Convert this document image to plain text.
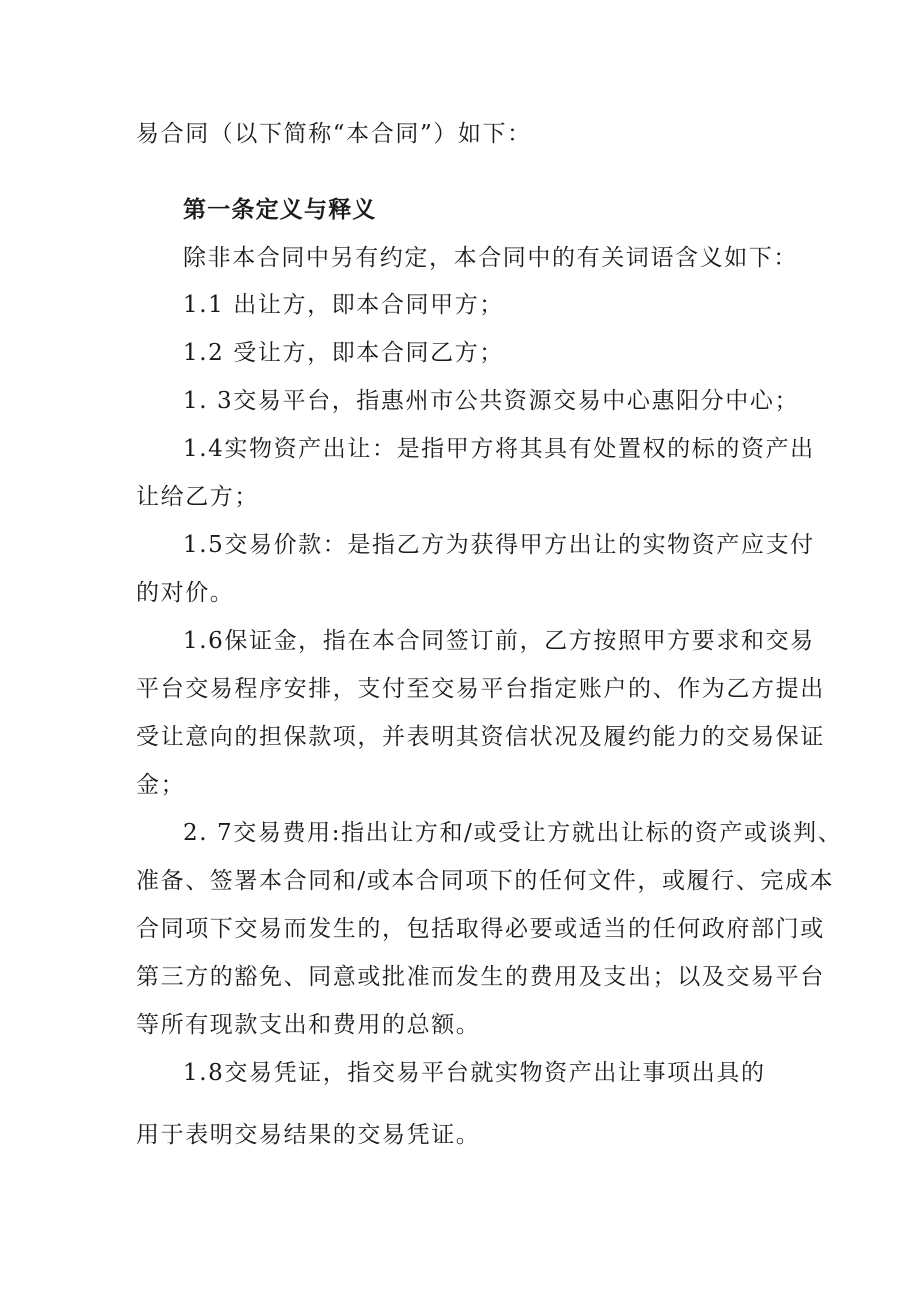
易合同（以下简称“本合同”）如下：

第一条定义与释义

除非本合同中另有约定，本合同中的有关词语含义如下：

1.1 出让方，即本合同甲方；

1.2 受让方，即本合同乙方；

1. 3交易平台，指惠州市公共资源交易中心惠阳分中心；

1.4实物资产出让：是指甲方将其具有处置权的标的资产出

让给乙方；

1.5交易价款：是指乙方为获得甲方出让的实物资产应支付

的对价。

1.6保证金，指在本合同签订前，乙方按照甲方要求和交易

平台交易程序安排，支付至交易平台指定账户的、作为乙方提出

受让意向的担保款项，并表明其资信状况及履约能力的交易保证

金；

2. 7交易费用:指出让方和/或受让方就出让标的资产或谈判、

准备、签署本合同和/或本合同项下的任何文件，或履行、完成本

合同项下交易而发生的，包括取得必要或适当的任何政府部门或

第三方的豁免、同意或批准而发生的费用及支出；以及交易平台

等所有现款支出和费用的总额。

1.8交易凭证，指交易平台就实物资产出让事项出具的

用于表明交易结果的交易凭证。
